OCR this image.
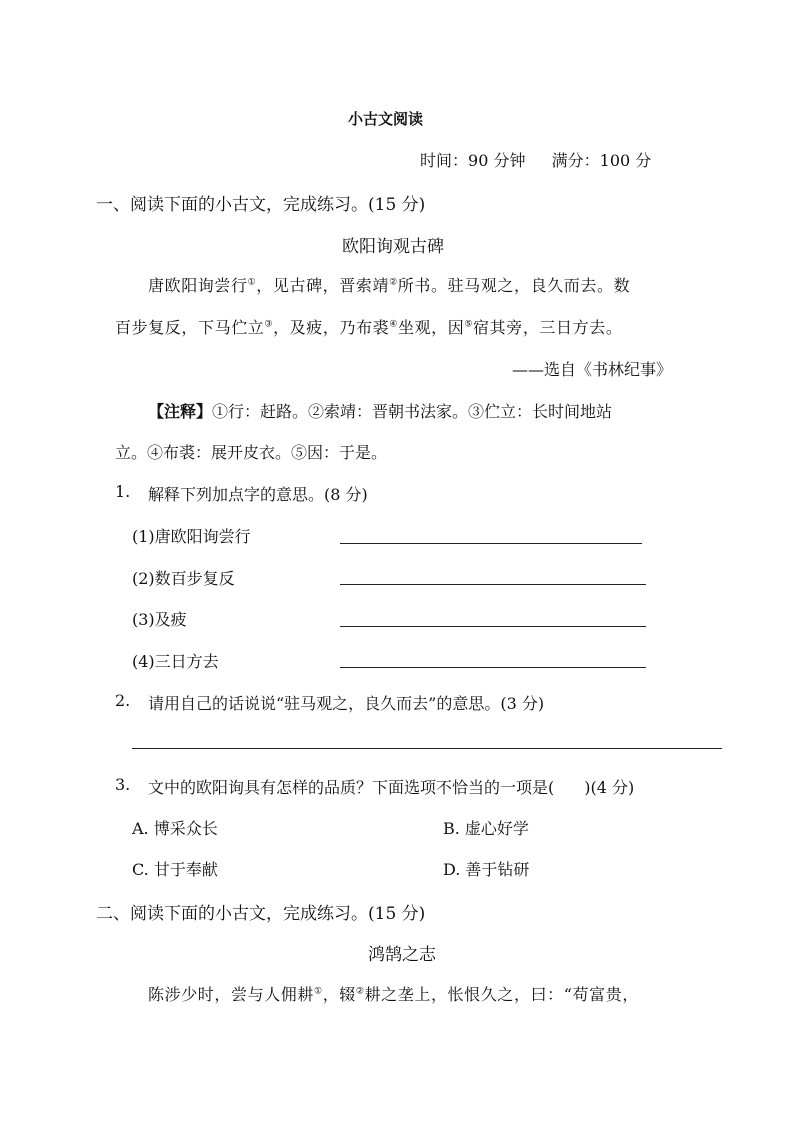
小古文阅读
时间：90 分钟 满分：100 分
一、阅读下面的小古文，完成练习。(15 分)
欧阳询观古碑
唐欧阳询尝行①，见古碑，晋索靖②所书。驻马观之，良久而去。数
百步复反，下马伫立③，及疲，乃布裘④坐观，因⑤宿其旁，三日方去。
——选自《书林纪事》
【注释】①行：赶路。②索靖：晋朝书法家。③伫立：长时间地站
立。④布裘：展开皮衣。⑤因：于是。
1. 解释下列加点字的意思。(8 分)
(1)唐欧阳询尝行
(2)数百步复反
(3)及疲
(4)三日方去
2. 请用自己的话说说“驻马观之，良久而去”的意思。(3 分)
3. 文中的欧阳询具有怎样的品质？下面选项不恰当的一项是( )(4 分)
A. 博采众长	B. 虚心好学
C. 甘于奉献	D. 善于钻研
二、阅读下面的小古文，完成练习。(15 分)
鸿鹄之志
陈涉少时，尝与人佣耕①，辍②耕之垄上，怅恨久之，曰：“苟富贵，
